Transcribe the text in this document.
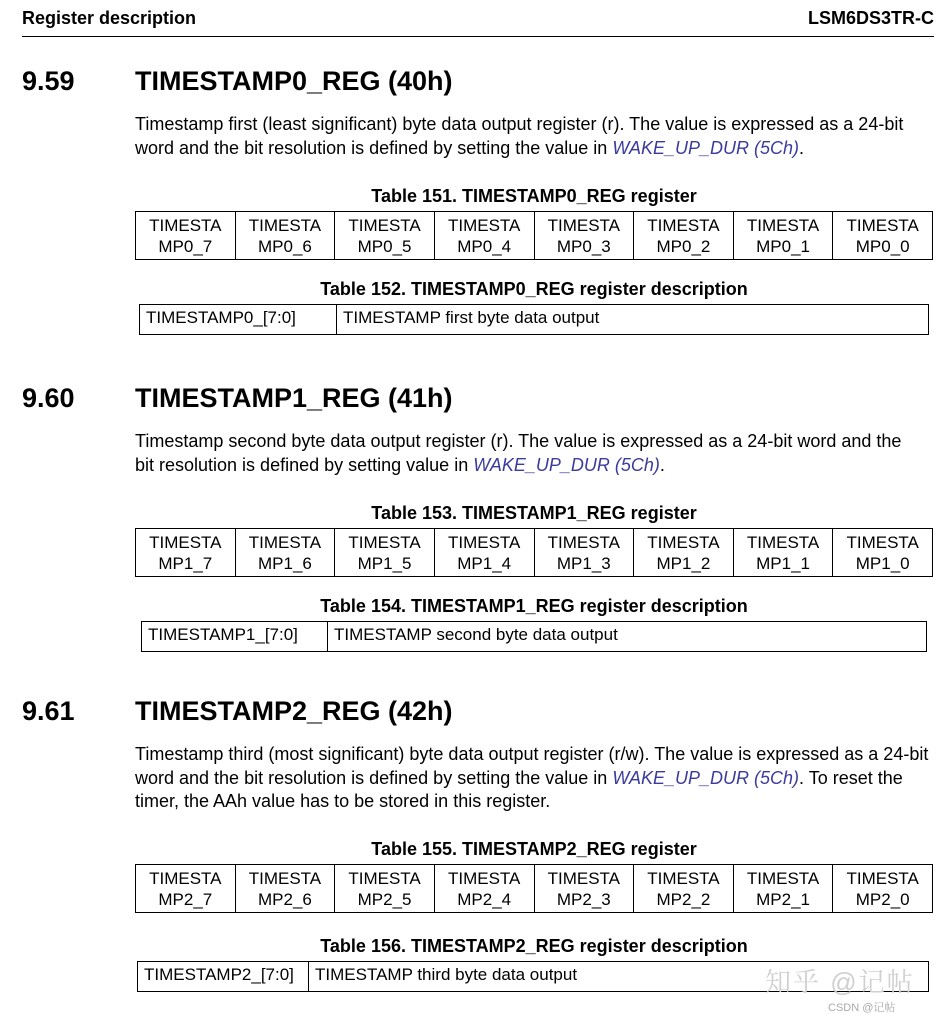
Register description	LSM6DS3TR-C
9.59 TIMESTAMP0_REG (40h)
Timestamp first (least significant) byte data output register (r). The value is expressed as a 24-bit word and the bit resolution is defined by setting the value in WAKE_UP_DUR (5Ch).
Table 151. TIMESTAMP0_REG register
TIMESTA
MP0_7	TIMESTA
MP0_6	TIMESTA
MP0_5	TIMESTA
MP0_4	TIMESTA
MP0_3	TIMESTA
MP0_2	TIMESTA
MP0_1	TIMESTA
MP0_0
Table 152. TIMESTAMP0_REG register description
TIMESTAMP0_[7:0]	TIMESTAMP first byte data output
9.60 TIMESTAMP1_REG (41h)
Timestamp second byte data output register (r). The value is expressed as a 24-bit word and the bit resolution is defined by setting value in WAKE_UP_DUR (5Ch).
Table 153. TIMESTAMP1_REG register
TIMESTA
MP1_7	TIMESTA
MP1_6	TIMESTA
MP1_5	TIMESTA
MP1_4	TIMESTA
MP1_3	TIMESTA
MP1_2	TIMESTA
MP1_1	TIMESTA
MP1_0
Table 154. TIMESTAMP1_REG register description
TIMESTAMP1_[7:0]	TIMESTAMP second byte data output
9.61 TIMESTAMP2_REG (42h)
Timestamp third (most significant) byte data output register (r/w). The value is expressed as a 24-bit word and the bit resolution is defined by setting the value in WAKE_UP_DUR (5Ch). To reset the timer, the AAh value has to be stored in this register.
Table 155. TIMESTAMP2_REG register
TIMESTA
MP2_7	TIMESTA
MP2_6	TIMESTA
MP2_5	TIMESTA
MP2_4	TIMESTA
MP2_3	TIMESTA
MP2_2	TIMESTA
MP2_1	TIMESTA
MP2_0
Table 156. TIMESTAMP2_REG register description
TIMESTAMP2_[7:0]	TIMESTAMP third byte data output	知乎 @记帖
CSDN @记帖
